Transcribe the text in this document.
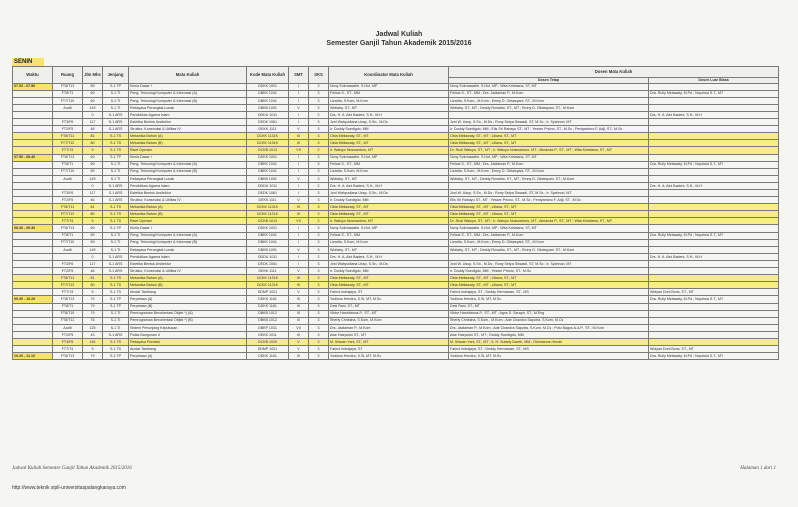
Jadwal Kuliah
Semester Ganjil Tahun Akademik 2015/2016
SENIN
Waktu	Ruang	Jlm Mhs	Jenjang	Mata Kuliah	Kode Mata Kuliah	SMT	SKS	Koordinator Mata Kuliah	Dosen Mata Kuliah	
									Dosen Tetap	Dosen Luar Biasa
07.00 - 07.50	FT8/T13	69	S-1 TP	Kimia Dasar I	DDKK 1001	I	3	Nony Sukmawatie, S.Hut, MP	Nony Sukmawatie, S.Hut, MP ; Wita Krisbiana, ST, MT	
	FT8/T1	69	S-1 TI	Peng. Teknologi Komputer & Informasi (A)	DBKK 1041	I	3	Felicia S., ST., MM	Felicia S., ST., MM ; Drs. Jadiaman P., M.Kom	Dra. Rully Melawaty, M.Pd ; Nopvisia S.T., MT
	FT7/T10	69	S-1 TI	Peng. Teknologi Komputer & Informasi (B)	DBKK 1041	I	3	Lizarita, S.Kom, M.Kom	Lizarita, S.Kom., M.Kom ; Emny D. Oktawyani, ST., M.Kom	
	Audit	149	S-1 TI	Rekayasa Perangkat Lunak	DBKB 1091	V	3	Widiatry, ST., MT	Widiatry, ST., MT ; Deddy Ronaldo, ST., MT ; Emny D. Oktawyani, ST., M.Kom	
		0	S-1 ARS	Pendidikan Agama Islam	DDDU 1011	I	2	Drs. H. A. Aini Badeni, S.H., M.H		Drs. H. A. Aini Badeni, S.H., M.H
	FT3/F6	117	S-1 ARS	Estetika Bentuk Arsitektur	DEDK 1061	I	3	Joni Wahyudiana Ussp, S.Sn., M.Ds	Joni W. Ussp, S.Sn., M.Ds ; Rony Setya Siswadi, ST, M.Sc ; Ir. Syahrozi, MT	
	FT2/F5	46	S-1 ARS	Struktur, Konstruksi & Utilitas IV	DEKK 1111	V	3	Ir. Doddy Soedigdo, MM	Ir. Doddy Soedigdo, MM ; Elis Sri Rahayu ST., MT ; Yesser Priono, ST., M.Sc ; Ferdyantoro F. Adji, ST., M.Sc	
	FT8/T11	81	S-1 TS	Mekanika Bahan (A)	DCKK 1131K	III	3	Okta Meilawaty, ST., MT	Okta Meilawaty, ST., MT ; Liliana, ST., MT	
	FT7/T12	80	S-1 TS	Mekanika Bahan (B)	DCKK 1131K	III	3	Okta Meilawaty, ST., MT	Okta Meilawaty, ST., MT ; Liliana, ST., MT	
	FT7/T4	9	S-1 TS	Riset Operasi	DCKB 1013	VII	2	Ir. Waluyo Nuswantoro, MT	Dr. Rudi Waluyo, ST., MT ; Ir. Waluyo Nuswantoro, MT ; Almanda P., ST., MT ; Wita Krisbiana, ST., MT	
07.50 - 08.40	FT8/T13	69	S-1 TP	Kimia Dasar I	DDKK 1001	I	3	Nony Sukmawatie, S.Hut, MP	Nony Sukmawatie, S.Hut, MP ; Wita Krisbiana, ST, MT	
	FT8/T1	69	S-1 TI	Peng. Teknologi Komputer & Informasi (A)	DBKK 1041	I	3	Felicia S., ST., MM	Felicia S., ST., MM ; Drs. Jadiaman P., M.Kom	Dra. Rully Melawaty, M.Pd ; Nopvisia S.T., MT
	FT7/T10	69	S-1 TI	Peng. Teknologi Komputer & Informasi (B)	DBKK 1041	I	3	Lizarita, S.Kom, M.Kom	Lizarita, S.Kom., M.Kom ; Emny D. Oktawyani, ST., M.Kom	
	Audit	149	S-1 TI	Rekayasa Perangkat Lunak	DBKB 1091	V	3	Widiatry, ST., MT	Widiatry, ST., MT ; Deddy Ronaldo, ST., MT ; Emny D. Oktawyani, ST., M.Kom	
		0	S-1 ARS	Pendidikan Agama Islam	DDDU 1011	I	2	Drs. H. A. Aini Badeni, S.H., M.H		Drs. H. A. Aini Badeni, S.H., M.H
	FT3/F6	117	S-1 ARS	Estetika Bentuk Arsitektur	DEDK 1061	I	3	Joni Wahyudiana Ussp, S.Sn., M.Ds	Joni W. Ussp, S.Sn., M.Ds ; Rony Setya Siswadi, ST, M.Sc ; Ir. Syahrozi, MT	
	FT2/F5	46	S-1 ARS	Struktur, Konstruksi & Utilitas IV	DEKK 1111	V	3	Ir. Doddy Soedigdo, MM	Elis Sri Rahayu ST., MT ; Yesser Priono, ST., M.Sc ; Ferdyantoro F. Adji, ST., M.Sc	
	FT8/T11	81	S-1 TS	Mekanika Bahan (A)	DCKK 1131K	III	3	Okta Meilawaty, ST., MT	Okta Meilawaty, ST., MT ; Liliana, ST., MT	
	FT7/T12	80	S-1 TS	Mekanika Bahan (B)	DCKK 1131K	III	3	Okta Meilawaty, ST., MT	Okta Meilawaty, ST., MT ; Liliana, ST., MT	
	FT7/T4	9	S-1 TS	Riset Operasi	DCKB 1013	VII	2	Ir. Waluyo Nuswantoro, MT	Dr. Rudi Waluyo, ST., MT ; Ir. Waluyo Nuswantoro, MT ; Almanda P., ST., MT ; Wita Krisbiana, ST., MT	
08.40 - 09.30	FT8/T13	69	S-1 TP	Kimia Dasar I	DDKK 1001	I	3	Nony Sukmawatie, S.Hut, MP	Nony Sukmawatie, S.Hut, MP ; Wita Krisbiana, ST, MT	
	FT8/T1	69	S-1 TI	Peng. Teknologi Komputer & Informasi (A)	DBKK 1041	I	3	Felicia S., ST., MM	Felicia S., ST., MM ; Drs. Jadiaman P., M.Kom	Dra. Rully Melawaty, M.Pd ; Nopvisia S.T., MT
	FT7/T10	69	S-1 TI	Peng. Teknologi Komputer & Informasi (B)	DBKK 1041	I	3	Lizarita, S.Kom, M.Kom	Lizarita, S.Kom., M.Kom ; Emny D. Oktawyani, ST., M.Kom	
	Audit	149	S-1 TI	Rekayasa Perangkat Lunak	DBKB 1091	V	3	Widiatry, ST., MT	Widiatry, ST., MT ; Deddy Ronaldo, ST., MT ; Emny D. Oktawyani, ST., M.Kom	
		0	S-1 ARS	Pendidikan Agama Islam	DDDU 1011	I	2	Drs. H. A. Aini Badeni, S.H., M.H		Drs. H. A. Aini Badeni, S.H., M.H
	FT3/F6	117	S-1 ARS	Estetika Bentuk Arsitektur	DEDK 1061	I	3	Joni Wahyudiana Ussp, S.Sn., M.Ds	Joni W. Ussp, S.Sn., M.Ds ; Rony Setya Siswadi, ST, M.Sc ; Ir. Syahrozi, MT	
	FT2/F5	46	S-1 ARS	Struktur, Konstruksi & Utilitas IV	DEKK 1111	V	3	Ir. Doddy Soedigdo, MM	Ir. Doddy Soedigdo, MM ; Yesser Priono, ST., M.Sc	
	FT8/T11	81	S-1 TS	Mekanika Bahan (A)	DCKK 1131K	III	3	Okta Meilawaty, ST., MT	Okta Meilawaty, ST., MT ; Liliana, ST., MT	
	FT7/T12	80	S-1 TS	Mekanika Bahan (B)	DCKK 1131K	III	3	Okta Meilawaty, ST., MT	Okta Meilawaty, ST., MT ; Liliana, ST., MT	
	FT7/T4	9	S-1 TS	Amdal Tambang	DDMP 1021	V	3	Fahrul Indrajaya, ST	Fahrul Indrajaya, ST ; Deddy Hermawan, ST., MS	Widyan Doni Bons, ST., MT
09.30 - 10.20	FT8/T13	79	S-1 TP	Perpetaan (A)	DDKK 1161	III	3	Yudinus Hendra, S.Si, MT, M.Sc	Yudinus Hendra, S.Si, MT, M.Sc	Dra. Rully Melawaty, M.Pd ; Nopvisia S.T., MT
	FT8/T1	79	S-1 TP	Perpetaan (B)	DDKK 1161	III	3	Desi Rani, ST., MT	Desi Rani, ST., MT	
	FT8/T10	79	S-1 TI	Pemrograman Berorientasi Objek *) (A)	DBKB 1012	III	3	Viktor Handrianus P., ST., MT	Viktor Handrianus P., ST., MT ; Agus S. Saraph, ST., M.Eng	
	FT8/T11	76	S-1 TI	Pemrograman Berorientasi Objek *) (B)	DBKB 1012	III	3	Sherly Christina, S.Kom, M.Kom	Sherly Christina, S.Kom., M.Kom ; Ade Chandra Saputra, S.Kom, M.Cs	
	Audit	125	S-1 TI	Sistem Penunjang Keputusan	DBKP 1031	VII	3	Drs. Jadiaman P., M.Kom	Drs. Jadiaman P., M.Kom ; Ade Chandra Saputra, S.Kom, M.Cs ; Putu Bagus A.A.P., ST., M.Kom	
	FT2/F5	43	S-1 ARS	Fisika Bangunan II	DEKK 1011	III	3	Awe Hasyubiu ST., MT	Awe Hasyubiu ST., MT ; Doddy Soedigdo, MM	
	FT3/F6	116	S-1 TS	Rekayasa Pondasi	DCKB 1020	V	3	M. Ikhwan Yani, ST., MT	M. Ikhwan Yani, ST., MT ; Ir. H. Sutady Dweih, MM ; Okrinianus Hendri	
	FT7/T4	9	S-1 TS	Amdal Tambang	DDMP 1021	V	3	Fahrul Indrajaya, ST	Fahrul Indrajaya, ST ; Deddy Hermawan, ST., MS	Widyan Doni Bons, ST., MT
10.20 - 11.10	FT8/T13	79	S-1 TP	Perpetaan (A)	DDKK 1161	III	3	Yudinus Hendra, S.Si, MT, M.Sc	Yudinus Hendra, S.Si, MT, M.Sc	Dra. Rully Melawaty, M.Pd ; Nopvisia S.T., MT
Jadwal Kuliah Semester Ganjil Tahun Akademik 2015/2016
http://www.teknik sipil-universitaspalangkaraya.com
Halaman 1 dari 1
